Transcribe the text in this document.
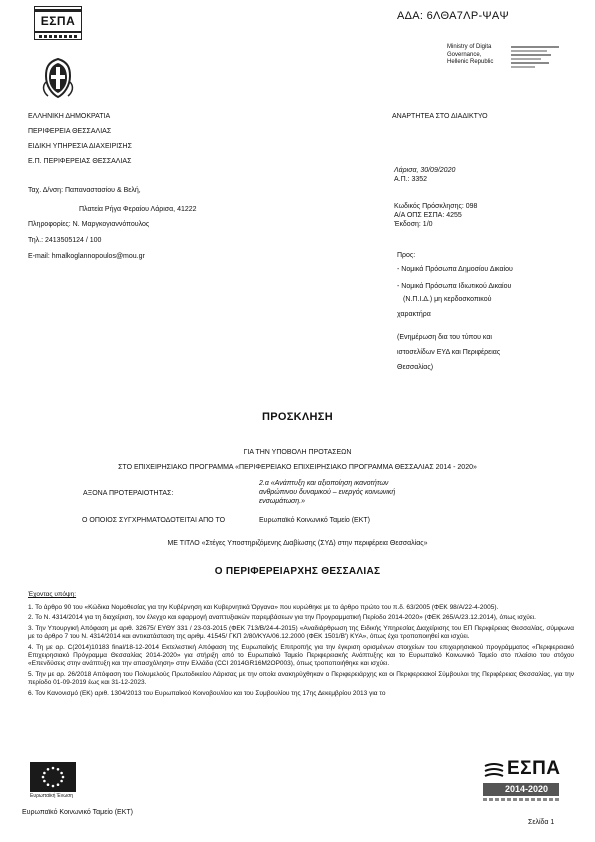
ΕΣΠΑ	ΑΔΑ: 6ΛΘΑ7ΛΡ-ΨΑΨ
Ministry of Digita
Governance,
Hellenic Republic
ΕΛΛΗΝΙΚΗ ΔΗΜΟΚΡΑΤΙΑ
ΠΕΡΙΦΕΡΕΙΑ ΘΕΣΣΑΛΙΑΣ
ΕΙΔΙΚΗ ΥΠΗΡΕΣΙΑ ΔΙΑΧΕΙΡΙΣΗΣ
Ε.Π. ΠΕΡΙΦΕΡΕΙΑΣ ΘΕΣΣΑΛΙΑΣ
ΑΝΑΡΤΗΤΕΑ ΣΤΟ ΔΙΑΔΙΚΤΥΟ
Λάρισα, 30/09/2020
Α.Π.: 3352
Ταχ. Δ/νση: Παπαναστασίου & Βελή,
Πλατεία Ρήγα Φεραίου Λάρισα, 41222
Πληροφορίες: Ν. Μαργκογιαννόπουλος
Τηλ.: 2413505124 / 100
E-mail: hmalkoglannopoulos@mou.gr
Κωδικός Πρόσκλησης: 098
Α/Α ΟΠΣ ΕΣΠΑ: 4255
Έκδοση: 1/0
Προς:
- Νομικά Πρόσωπα Δημοσίου Δικαίου
- Νομικά Πρόσωπα Ιδιωτικού Δικαίου
(Ν.Π.Ι.Δ.) μη κερδοσκοπικού
χαρακτήρα
(Ενημέρωση δια του τύπου και
ιστοσελίδων ΕΥΔ και Περιφέρειας
Θεσσαλίας)
ΠΡΟΣΚΛΗΣΗ
ΓΙΑ ΤΗΝ ΥΠΟΒΟΛΗ ΠΡΟΤΑΣΕΩΝ
ΣΤΟ ΕΠΙΧΕΙΡΗΣΙΑΚΟ ΠΡΟΓΡΑΜΜΑ «ΠΕΡΙΦΕΡΕΙΑΚΟ ΕΠΙΧΕΙΡΗΣΙΑΚΟ ΠΡΟΓΡΑΜΜΑ ΘΕΣΣΑΛΙΑΣ 2014 - 2020»
ΑΞΟΝΑ ΠΡΟΤΕΡΑΙΟΤΗΤΑΣ:
2.α «Ανάπτυξη και αξιοποίηση ικανοτήτων
ανθρώπινου δυναμικού – ενεργός κοινωνική
ενσωμάτωση.»
Ο ΟΠΟΙΟΣ ΣΥΓΧΡΗΜΑΤΟΔΟΤΕΙΤΑΙ ΑΠΟ ΤΟ	Ευρωπαϊκό Κοινωνικό Ταμείο (ΕΚΤ)
ΜΕ ΤΙΤΛΟ «Στέγες Υποστηριζόμενης Διαβίωσης (ΣΥΔ) στην περιφέρεια Θεσσαλίας»
Ο ΠΕΡΙΦΕΡΕΙΑΡΧΗΣ ΘΕΣΣΑΛΙΑΣ
Έχοντας υπόψη:
1. Το άρθρο 90 του «Κώδικα Νομοθεσίας για την Κυβέρνηση και Κυβερνητικά Όργανα» που κυρώθηκε με το άρθρο πρώτο του π.δ. 63/2005 (ΦΕΚ 98/Α/22-4-2005).
2. Το Ν. 4314/2014 για τη διαχείριση, τον έλεγχο και εφαρμογή αναπτυξιακών παρεμβάσεων για την Προγραμματική Περίοδο 2014-2020» (ΦΕΚ 265/Α/23.12.2014), όπως ισχύει.
3. Την Υπουργική Απόφαση με αριθ. 32675/ ΕΥΘΥ 331 / 23-03-2015 (ΦΕΚ 713/Β/24-4-2015) «Αναδιάρθρωση της Ειδικής Υπηρεσίας Διαχείρισης του ΕΠ Περιφέρειας Θεσσαλίας, σύμφωνα με το άρθρο 7 του Ν. 4314/2014 και αντικατάσταση της αριθμ. 41545/ ΓΚΠ 2/80/ΚΥΑ/06.12.2000 (ΦΕΚ 1501/Β') ΚΥΑ», όπως έχει τροποποιηθεί και ισχύει.
4. Τη με αρ. C(2014)10183 final/18-12-2014 Εκτελεστική Απόφαση της Ευρωπαϊκής Επιτροπής για την έγκριση ορισμένων στοιχείων του επιχειρησιακού προγράμματος «Περιφερειακό Επιχειρησιακό Πρόγραμμα Θεσσαλίας 2014-2020» για στήριξη από το Ευρωπαϊκό Ταμείο Περιφερειακής Ανάπτυξης και το Ευρωπαϊκό Κοινωνικό Ταμείο στο πλαίσιο του στόχου «Επενδύσεις στην ανάπτυξη και την απασχόληση» στην Ελλάδα (CCI 2014GR16M2OP003), όπως τροποποιήθηκε και ισχύει.
5. Την με αρ. 26/2018 Απόφαση του Πολυμελούς Πρωτοδικείου Λάρισας με την οποία ανακηρύχθηκαν ο Περιφερειάρχης και οι Περιφερειακοί Σύμβουλοι της Περιφέρειας Θεσσαλίας, για την περίοδο 01-09-2019 έως και 31-12-2023.
6. Τον Κανονισμό (ΕΚ) αριθ. 1304/2013 του Ευρωπαϊκού Κοινοβουλίου και του Συμβουλίου της 17ης Δεκεμβρίου 2013 για το
Ευρωπαϊκή Ένωση
Ευρωπαϊκό Κοινωνικό Ταμείο (ΕΚΤ)
ΕΣΠΑ
2014-2020
Σελίδα 1
